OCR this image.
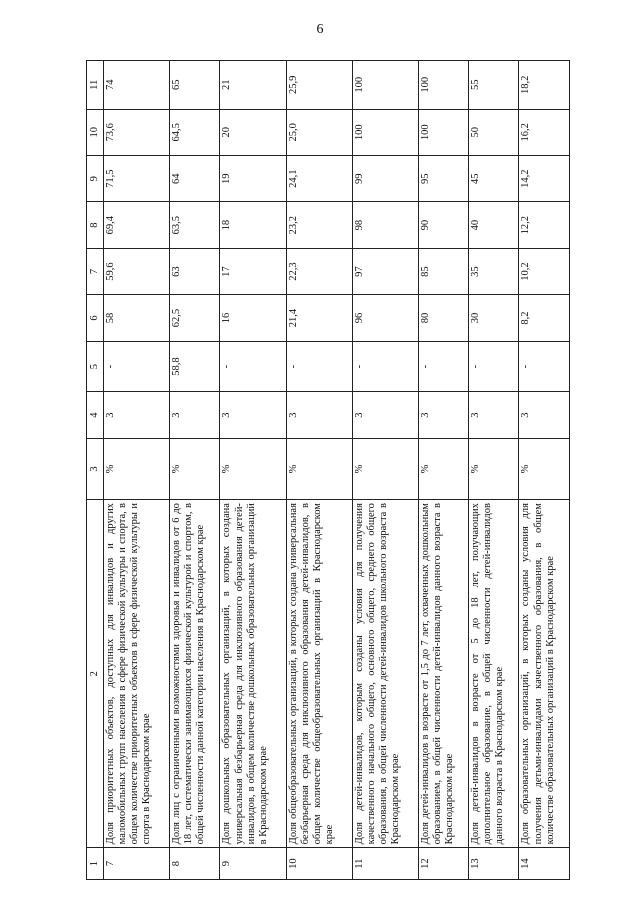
6
1	2	3	4	5	6	7	8	9	10	11
7	Доля приоритетных объектов, доступных для инвалидов и других маломобильных групп населения в сфере физической культуры и спорта, в общем количестве приоритетных объектов в сфере физической культуры и спорта в Краснодарском крае	%	3	-	58	59,6	69,4	71,5	73,6	74
8	Доля лиц с ограниченными возможностями здоровья и инвалидов от 6 до 18 лет, систематически занимающихся физической культурой и спортом, в общей численности данной категории населения в Краснодарском крае	%	3	58,8	62,5	63	63,5	64	64,5	65
9	Доля дошкольных образовательных организаций, в которых создана универсальная безбарьерная среда для инклюзивного образования детей-инвалидов, в общем количестве дошкольных образовательных организаций в Краснодарском крае	%	3	-	16	17	18	19	20	21
10	Доля общеобразовательных организаций, в которых создана универсальная безбарьерная среда для инклюзивного образования детей-инвалидов, в общем количестве общеобразовательных организаций в Краснодарском крае	%	3	-	21,4	22,3	23,2	24,1	25,0	25,9
11	Доля детей-инвалидов, которым созданы условия для получения качественного начального общего, основного общего, среднего общего образования, в общей численности детей-инвалидов школьного возраста в Краснодарском крае	%	3	-	96	97	98	99	100	100
12	Доля детей-инвалидов в возрасте от 1,5 до 7 лет, охваченных дошкольным образованием, в общей численности детей-инвалидов данного возраста в Краснодарском крае	%	3	-	80	85	90	95	100	100
13	Доля детей-инвалидов в возрасте от 5 до 18 лет, получающих дополнительное образование, в общей численности детей-инвалидов данного возраста в Краснодарском крае	%	3	-	30	35	40	45	50	55
14	Доля образовательных организаций, в которых созданы условия для получения детьми-инвалидами качественного образования, в общем количестве образовательных организаций в Краснодарском крае	%	3	-	8,2	10,2	12,2	14,2	16,2	18,2
